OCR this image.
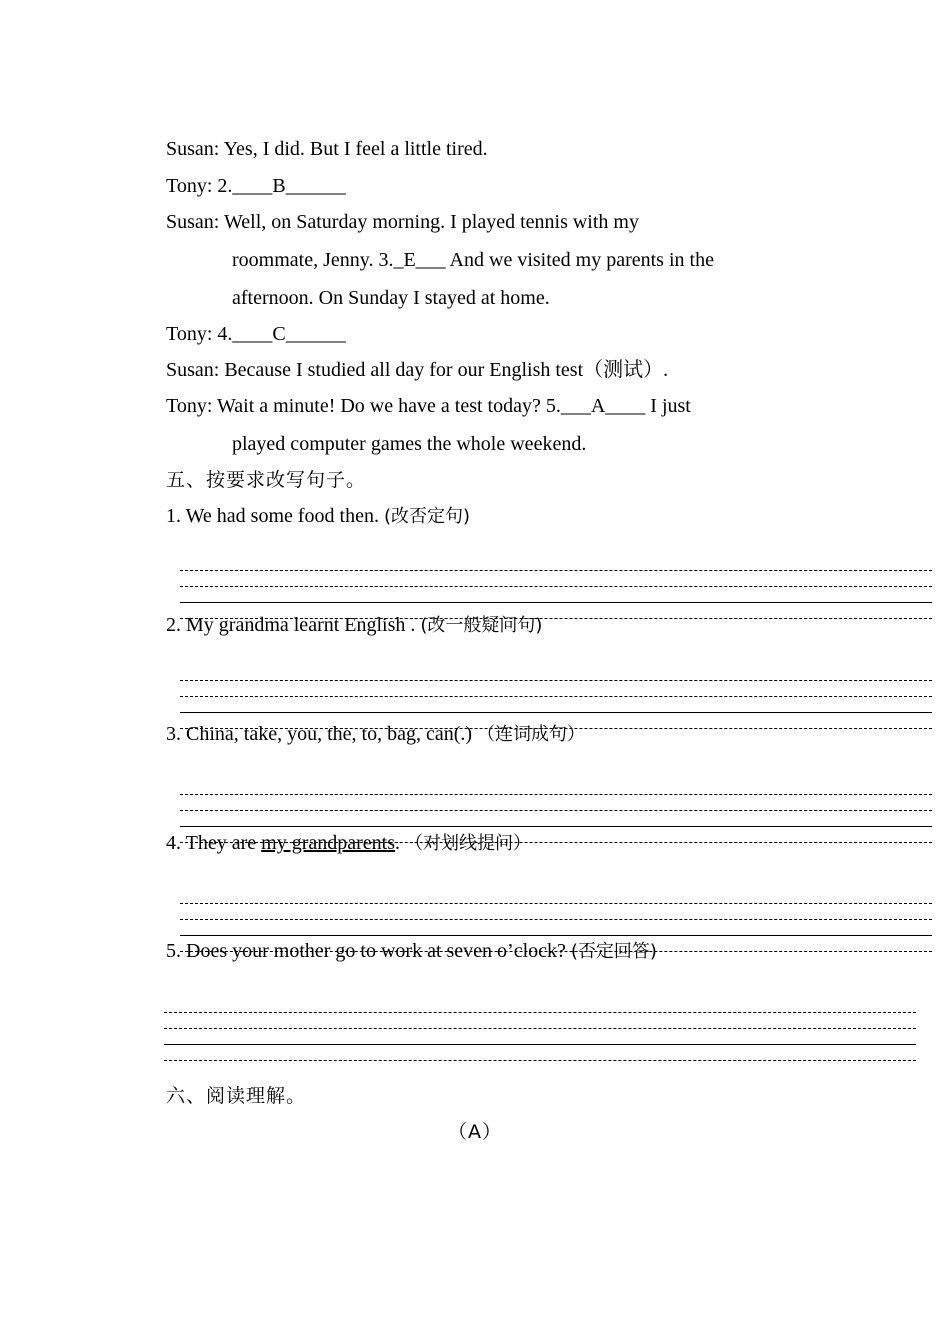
Susan: Yes, I did. But I feel a little tired.
Tony: 2.____B______
Susan: Well, on Saturday morning. I played tennis with my
roommate, Jenny. 3._E___ And we visited my parents in the
afternoon. On Sunday I stayed at home.
Tony: 4.____C______
Susan: Because I studied all day for our English test（测试）.
Tony: Wait a minute! Do we have a test today? 5.___A____ I just
played computer games the whole weekend.
五、按要求改写句子。
1. We had some food then. (改否定句)
2. My grandma learnt English . (改一般疑问句)
3. China, take, you, the, to, bag, can(.) （连词成句）
4. They are my grandparents. （对划线提问）
5. Does your mother go to work at seven o’clock? (否定回答)
六、阅读理解。
（A）
